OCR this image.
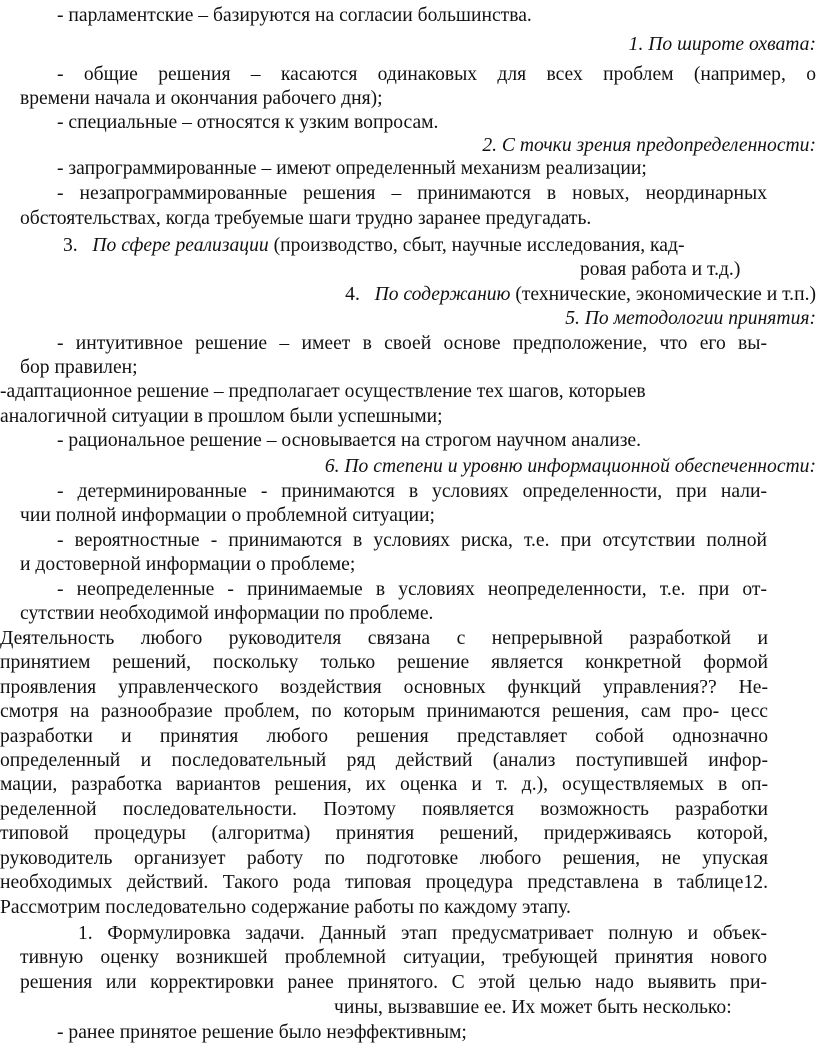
- парламентские – базируются на согласии большинства.
1. По широте охвата:
- общие решения – касаются одинаковых для всех проблем (например, о
времени начала и окончания рабочего дня);
- специальные – относятся к узким вопросам.
2. С точки зрения предопределенности:
- запрограммированные – имеют определенный механизм реализации;
- незапрограммированные решения – принимаются в новых, неординарных
обстоятельствах, когда требуемые шаги трудно заранее предугадать.
3. По сфере реализации (производство, сбыт, научные исследования, кад-
ровая работа и т.д.)
4. По содержанию (технические, экономические и т.п.)
5. По методологии принятия:
- интуитивное решение – имеет в своей основе предположение, что его вы-
бор правилен;
-адаптационное решение – предполагает осуществление тех шагов, которыев
аналогичной ситуации в прошлом были успешными;
- рациональное решение – основывается на строгом научном анализе.
6. По степени и уровню информационной обеспеченности:
- детерминированные - принимаются в условиях определенности, при нали-
чии полной информации о проблемной ситуации;
- вероятностные - принимаются в условиях риска, т.е. при отсутствии полной
и достоверной информации о проблеме;
- неопределенные - принимаемые в условиях неопределенности, т.е. при от-
сутствии необходимой информации по проблеме.
Деятельность любого руководителя связана с непрерывной разработкой и
принятием решений, поскольку только решение является конкретной формой
проявления управленческого воздействия основных функций управления?? Не-
смотря на разнообразие проблем, по которым принимаются решения, сам про- цесс
разработки и принятия любого решения представляет собой однозначно
определенный и последовательный ряд действий (анализ поступившей инфор-
мации, разработка вариантов решения, их оценка и т. д.), осуществляемых в оп-
ределенной последовательности. Поэтому появляется возможность разработки
типовой процедуры (алгоритма) принятия решений, придерживаясь которой,
руководитель организует работу по подготовке любого решения, не упуская
необходимых действий. Такого рода типовая процедура представлена в таблице12.
Рассмотрим последовательно содержание работы по каждому этапу.
1. Формулировка задачи. Данный этап предусматривает полную и объек-
тивную оценку возникшей проблемной ситуации, требующей принятия нового
решения или корректировки ранее принятого. С этой целью надо выявить при-
чины, вызвавшие ее. Их может быть несколько:
- ранее принятое решение было неэффективным;
